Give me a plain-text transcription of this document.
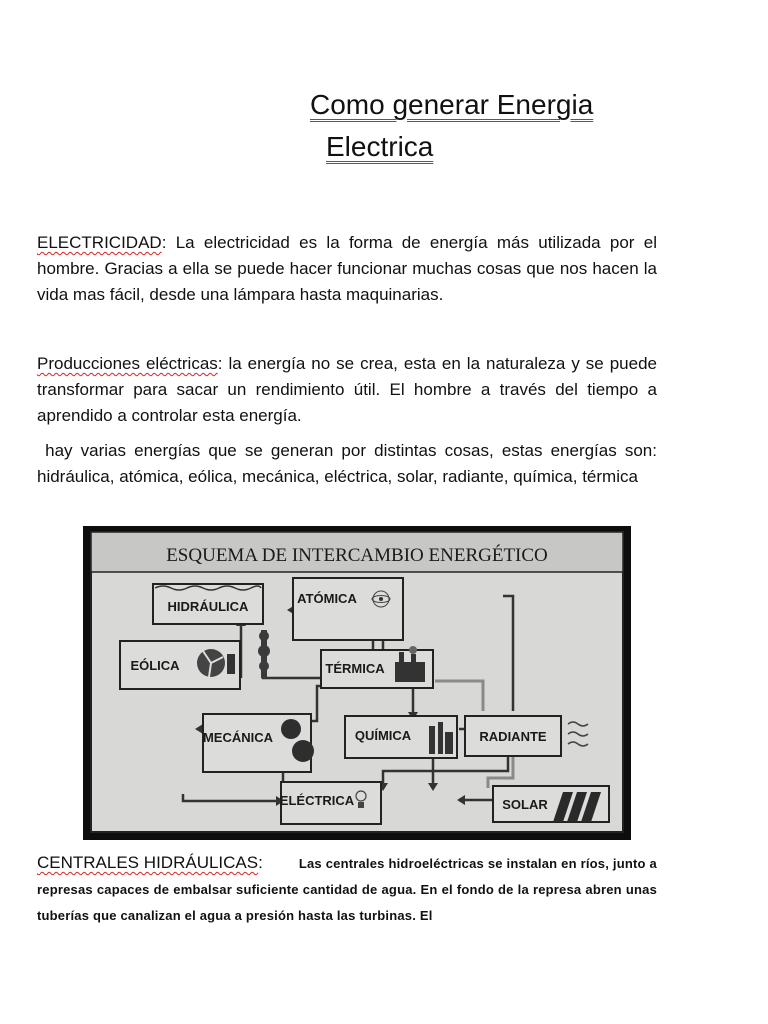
Como generar Energia
Electrica

ELECTRICIDAD: La electricidad es la forma de energía más utilizada por el hombre. Gracias a ella se puede hacer funcionar muchas cosas que nos hacen la vida mas fácil, desde una lámpara hasta maquinarias.

Producciones eléctricas: la energía no se crea, esta en la naturaleza y se puede transformar para sacar un rendimiento útil. El hombre a través del tiempo a aprendido a controlar esta energía.

hay varias energías que se generan por distintas cosas, estas energías son: hidráulica, atómica, eólica, mecánica, eléctrica, solar, radiante, química, térmica

ESQUEMA DE INTERCAMBIO ENERGÉTICO
HIDRÁULICA
ATÓMICA
EÓLICA	TÉRMICA
MECÁNICA	QUÍMICA	RADIANTE
ELÉCTRICA	SOLAR

CENTRALES HIDRÁULICAS:	Las centrales hidroeléctricas se instalan en ríos, junto a represas capaces de embalsar suficiente cantidad de agua. En el fondo de la represa abren unas tuberías que canalizan el agua a presión hasta las turbinas. El
